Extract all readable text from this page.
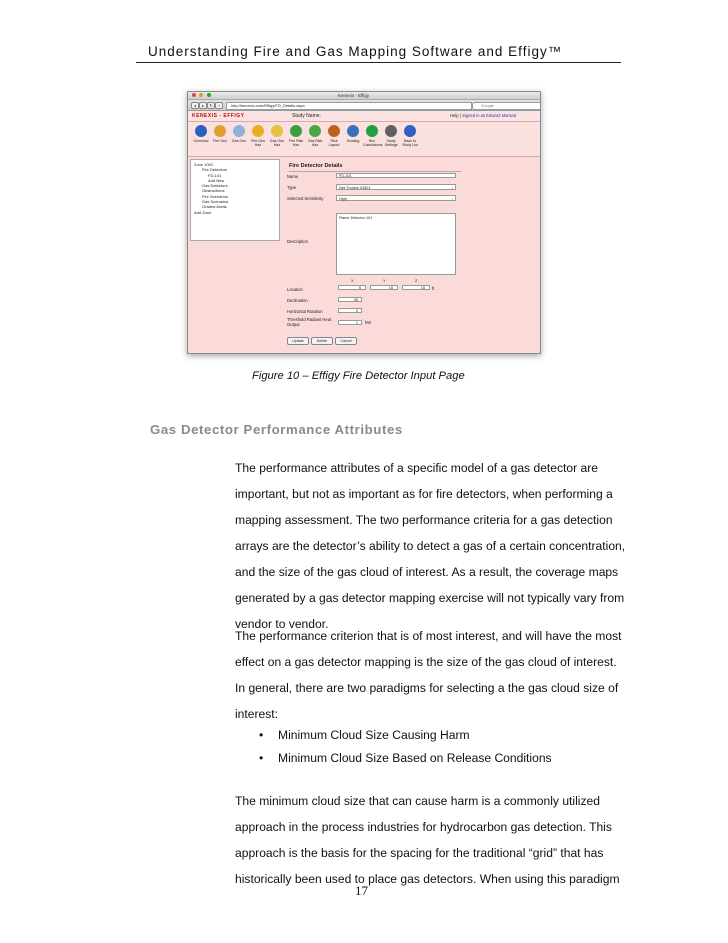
Understanding Fire and Gas Mapping Software and Effigy™

Kenexis - Effigy
◂	▸	↻	+	http://kenexis.com/Effigy/FD_Details.aspx	Google
KENEXIS - EFFIGY	Study Name:	Help | Signed in as Edward Marszal
Overview	Fire Geo	Gas Geo	Fire Geo Haz
Gas Geo Haz
Fire Risk Haz
Gas Risk Haz
Risk Layout
Grading	Run Calculations
Study Settings
Back to Study List
Zone 1001
Fire Detectors
FD-101
Add New
Gas Detectors
Obstructions
Fire Scenarios
Gas Scenarios
Graded Areas
Add Zone
Fire Detector Details
Name	FD-101
Type	Det-Tronics X3301 ↕
Selected Sensitivity	High ↕
Description
Flame Detector 101
X	Y	Z
Location	5	15	15	ft
Declination	45
Horizontal Rotation	0
Threshold Radiant Heat Output	1	kW
Update	Delete	Cancel
Figure 10 – Effigy Fire Detector Input Page
Gas Detector Performance Attributes

The performance attributes of a specific model of a gas detector are important, but not as important as for fire detectors, when performing a mapping assessment. The two performance criteria for a gas detection arrays are the detector’s ability to detect a gas of a certain concentration, and the size of the gas cloud of interest. As a result, the coverage maps generated by a gas detector mapping exercise will not typically vary from vendor to vendor.

The performance criterion that is of most interest, and will have the most effect on a gas detector mapping is the size of the gas cloud of interest. In general, there are two paradigms for selecting a the gas cloud size of interest:

• Minimum Cloud Size Causing Harm
• Minimum Cloud Size Based on Release Conditions

The minimum cloud size that can cause harm is a commonly utilized approach in the process industries for hydrocarbon gas detection. This approach is the basis for the spacing for the traditional “grid” that has historically been used to place gas detectors. When using this paradigm

17
